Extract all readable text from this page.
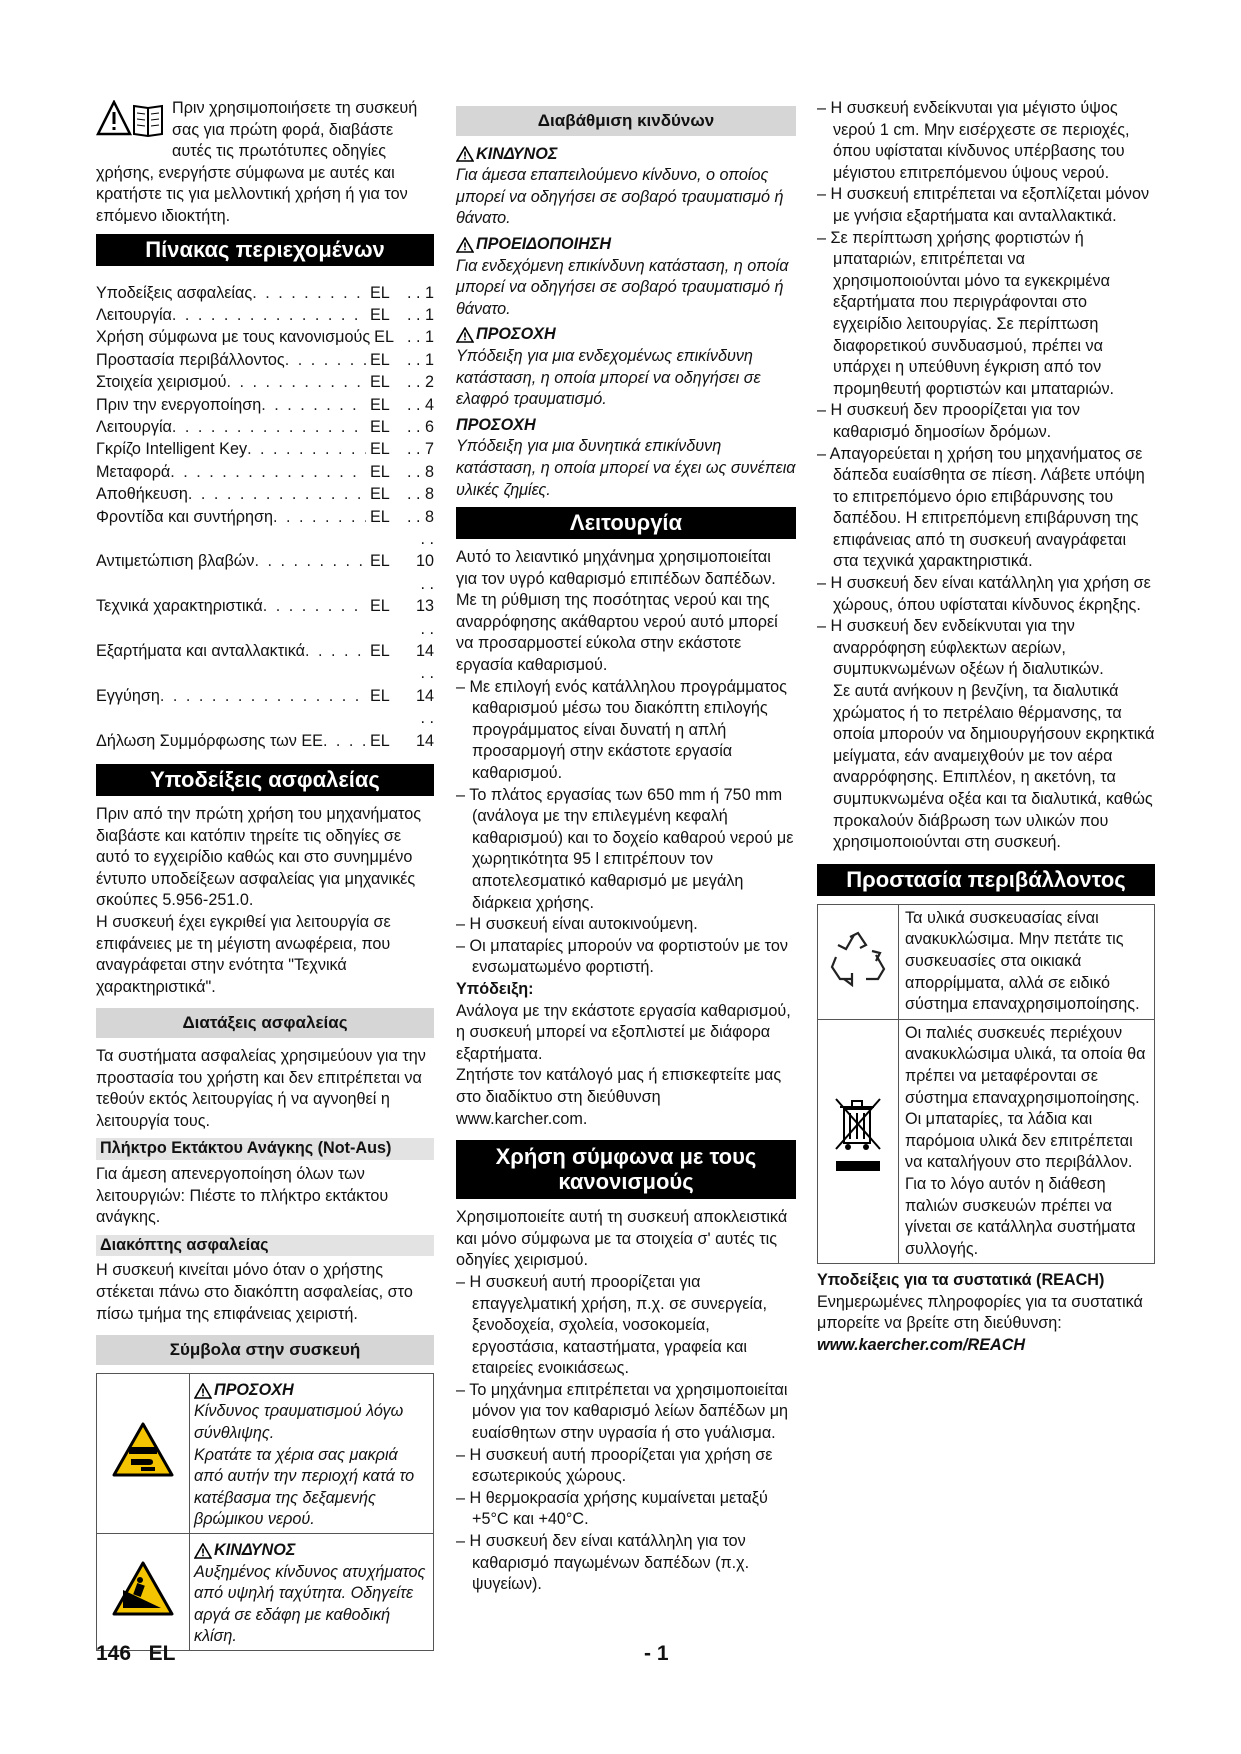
Πριν χρησιμοποιήσετε τη συσκευή σας για πρώτη φορά, διαβάστε αυτές τις πρωτότυπες οδηγίες χρήσης, ενεργήστε σύμφωνα με αυτές και κρατήστε τις για μελλοντική χρήση ή για τον επόμενο ιδιοκτήτη.

Πίνακας περιεχομένων
Υποδείξεις ασφαλείας . . .	EL	. . 1
Λειτουργία . . .	EL	. . 1
Χρήση σύμφωνα με τους κανονισμούς EL	. . 1
Προστασία περιβάλλοντος . . .	EL	. . 1
Στοιχεία χειρισμού . . .	EL	. . 2
Πριν την ενεργοποίηση . . .	EL	. . 4
Λειτουργία . . .	EL	. . 6
Γκρίζο Intelligent Key . . .	EL	. . 7
Μεταφορά . . .	EL	. . 8
Αποθήκευση . . .	EL	. . 8
Φροντίδα και συντήρηση . . .	EL	. . 8
Αντιμετώπιση βλαβών . . .	EL	. . 10
Τεχνικά χαρακτηριστικά . . .	EL	. . 13
Εξαρτήματα και ανταλλακτικά . . .	EL	. . 14
Εγγύηση . . .	EL	. . 14
Δήλωση Συμμόρφωσης των ΕΕ . . .	EL	. . 14
Υποδείξεις ασφαλείας

Πριν από την πρώτη χρήση του μηχανήματος διαβάστε και κατόπιν τηρείτε τις οδηγίες σε αυτό το εγχειρίδιο καθώς και στο συνημμένο έντυπο υποδείξεων ασφαλείας για μηχανικές σκούπες 5.956-251.0.

Η συσκευή έχει εγκριθεί για λειτουργία σε επιφάνειες με τη μέγιστη ανωφέρεια, που αναγράφεται στην ενότητα "Τεχνικά χαρακτηριστικά".

Διατάξεις ασφαλείας

Τα συστήματα ασφαλείας χρησιμεύουν για την προστασία του χρήστη και δεν επιτρέπεται να τεθούν εκτός λειτουργίας ή να αγνοηθεί η λειτουργία τους.

Πλήκτρο Εκτάκτου Ανάγκης (Not-Aus)

Για άμεση απενεργοποίηση όλων των λειτουργιών: Πιέστε το πλήκτρο εκτάκτου ανάγκης.

Διακόπτης ασφαλείας

Η συσκευή κινείται μόνο όταν ο χρήστης στέκεται πάνω στο διακόπτη ασφαλείας, στο πίσω τμήμα της επιφάνειας χειριστή.

Σύμβολα στην συσκευή

ΠΡΟΣΟΧΗ

Κίνδυνος τραυματισμού λόγω σύνθλιψης.

Κρατάτε τα χέρια σας μακριά από αυτήν την περιοχή κατά το κατέβασμα της δεξαμενής βρώμικου νερού.

ΚΙΝΔΥΝΟΣ

Αυξημένος κίνδυνος ατυχήματος από υψηλή ταχύτητα. Οδηγείτε αργά σε εδάφη με καθοδική κλίση.

Διαβάθμιση κινδύνων
ΚΙΝΔΥΝΟΣ

Για άμεσα επαπειλούμενο κίνδυνο, ο οποίος μπορεί να οδηγήσει σε σοβαρό τραυματισμό ή θάνατο.

ΠΡΟΕΙΔΟΠΟΙΗΣΗ

Για ενδεχόμενη επικίνδυνη κατάσταση, η οποία μπορεί να οδηγήσει σε σοβαρό τραυματισμό ή θάνατο.

ΠΡΟΣΟΧΗ

Υπόδειξη για μια ενδεχομένως επικίνδυνη κατάσταση, η οποία μπορεί να οδηγήσει σε ελαφρό τραυματισμό.

ΠΡΟΣΟΧΗ

Υπόδειξη για μια δυνητικά επικίνδυνη κατάσταση, η οποία μπορεί να έχει ως συνέπεια υλικές ζημίες.

Λειτουργία

Αυτό το λειαντικό μηχάνημα χρησιμοποιείται για τον υγρό καθαρισμό επιπέδων δαπέδων.

Με τη ρύθμιση της ποσότητας νερού και της αναρρόφησης ακάθαρτου νερού αυτό μπορεί να προσαρμοστεί εύκολα στην εκάστοτε εργασία καθαρισμού.

– Με επιλογή ενός κατάλληλου προγράμματος καθαρισμού μέσω του διακόπτη επιλογής προγράμματος είναι δυνατή η απλή προσαρμογή στην εκάστοτε εργασία καθαρισμού.

– Το πλάτος εργασίας των 650 mm ή 750 mm (ανάλογα με την επιλεγμένη κεφαλή καθαρισμού) και το δοχείο καθαρού νερού με χωρητικότητα 95 l επιτρέπουν τον αποτελεσματικό καθαρισμό με μεγάλη διάρκεια χρήσης.

– Η συσκευή είναι αυτοκινούμενη.

– Οι μπαταρίες μπορούν να φορτιστούν με τον ενσωματωμένο φορτιστή.

Υπόδειξη:

Ανάλογα με την εκάστοτε εργασία καθαρισμού, η συσκευή μπορεί να εξοπλιστεί με διάφορα εξαρτήματα.

Ζητήστε τον κατάλογό μας ή επισκεφτείτε μας στο διαδίκτυο στη διεύθυνση www.karcher.com.

Χρήση σύμφωνα με τους κανονισμούς

Χρησιμοποιείτε αυτή τη συσκευή αποκλειστικά και μόνο σύμφωνα με τα στοιχεία σ' αυτές τις οδηγίες χειρισμού.

– Η συσκευή αυτή προορίζεται για επαγγελματική χρήση, π.χ. σε συνεργεία, ξενοδοχεία, σχολεία, νοσοκομεία, εργοστάσια, καταστήματα, γραφεία και εταιρείες ενοικιάσεως.

– Το μηχάνημα επιτρέπεται να χρησιμοποιείται μόνον για τον καθαρισμό λείων δαπέδων μη ευαίσθητων στην υγρασία ή στο γυάλισμα.

– Η συσκευή αυτή προορίζεται για χρήση σε εσωτερικούς χώρους.

– Η θερμοκρασία χρήσης κυμαίνεται μεταξύ +5°C και +40°C.

– Η συσκευή δεν είναι κατάλληλη για τον καθαρισμό παγωμένων δαπέδων (π.χ. ψυγείων).

– Η συσκευή ενδείκνυται για μέγιστο ύψος νερού 1 cm. Μην εισέρχεστε σε περιοχές, όπου υφίσταται κίνδυνος υπέρβασης του μέγιστου επιτρεπόμενου ύψους νερού.

– Η συσκευή επιτρέπεται να εξοπλίζεται μόνον με γνήσια εξαρτήματα και ανταλλακτικά.

– Σε περίπτωση χρήσης φορτιστών ή μπαταριών, επιτρέπεται να χρησιμοποιούνται μόνο τα εγκεκριμένα εξαρτήματα που περιγράφονται στο εγχειρίδιο λειτουργίας. Σε περίπτωση διαφορετικού συνδυασμού, πρέπει να υπάρχει η υπεύθυνη έγκριση από τον προμηθευτή φορτιστών και μπαταριών.

– Η συσκευή δεν προορίζεται για τον καθαρισμό δημοσίων δρόμων.

– Απαγορεύεται η χρήση του μηχανήματος σε δάπεδα ευαίσθητα σε πίεση. Λάβετε υπόψη το επιτρεπόμενο όριο επιβάρυνσης του δαπέδου. Η επιτρεπόμενη επιβάρυνση της επιφάνειας από τη συσκευή αναγράφεται στα τεχνικά χαρακτηριστικά.

– Η συσκευή δεν είναι κατάλληλη για χρήση σε χώρους, όπου υφίσταται κίνδυνος έκρηξης.

– Η συσκευή δεν ενδείκνυται για την αναρρόφηση εύφλεκτων αερίων, συμπυκνωμένων οξέων ή διαλυτικών.

Σε αυτά ανήκουν η βενζίνη, τα διαλυτικά χρώματος ή το πετρέλαιο θέρμανσης, τα οποία μπορούν να δημιουργήσουν εκρηκτικά μείγματα, εάν αναμειχθούν με τον αέρα αναρρόφησης. Επιπλέον, η ακετόνη, τα συμπυκνωμένα οξέα και τα διαλυτικά, καθώς προκαλούν διάβρωση των υλικών που χρησιμοποιούνται στη συσκευή.

Προστασία περιβάλλοντος
	Τα υλικά συσκευασίας είναι ανακυκλώσιμα. Μην πετάτε τις συσκευασίες στα οικιακά απορρίμματα, αλλά σε ειδικό σύστημα επαναχρησιμοποίησης.
	Οι παλιές συσκευές περιέχουν ανακυκλώσιμα υλικά, τα οποία θα πρέπει να μεταφέρονται σε σύστημα επαναχρησιμοποίησης. Οι μπαταρίες, τα λάδια και παρόμοια υλικά δεν επιτρέπεται να καταλήγουν στο περιβάλλον. Για το λόγο αυτόν η διάθεση παλιών συσκευών πρέπει να γίνεται σε κατάλληλα συστήματα συλλογής.

Υποδείξεις για τα συστατικά (REACH)

Ενημερωμένες πληροφορίες για τα συστατικά μπορείτε να βρείτε στη διεύθυνση:

www.kaercher.com/REACH

146 EL	- 1
